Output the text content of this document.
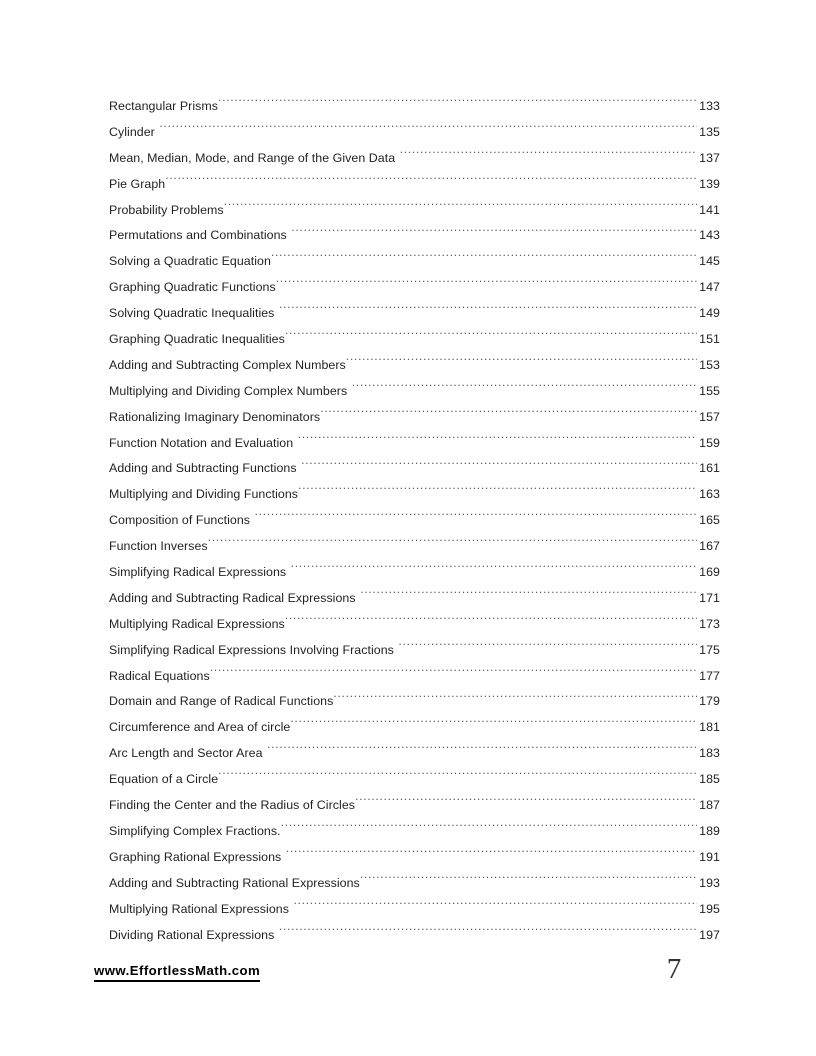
Rectangular Prisms .....	133
Cylinder .....	135
Mean, Median, Mode, and Range of the Given Data .....	137
Pie Graph .....	139
Probability Problems .....	141
Permutations and Combinations .....	143
Solving a Quadratic Equation .....	145
Graphing Quadratic Functions .....	147
Solving Quadratic Inequalities .....	149
Graphing Quadratic Inequalities .....	151
Adding and Subtracting Complex Numbers .....	153
Multiplying and Dividing Complex Numbers .....	155
Rationalizing Imaginary Denominators .....	157
Function Notation and Evaluation .....	159
Adding and Subtracting Functions .....	161
Multiplying and Dividing Functions .....	163
Composition of Functions .....	165
Function Inverses .....	167
Simplifying Radical Expressions .....	169
Adding and Subtracting Radical Expressions .....	171
Multiplying Radical Expressions .....	173
Simplifying Radical Expressions Involving Fractions .....	175
Radical Equations .....	177
Domain and Range of Radical Functions .....	179
Circumference and Area of circle .....	181
Arc Length and Sector Area .....	183
Equation of a Circle .....	185
Finding the Center and the Radius of Circles .....	187
Simplifying Complex Fractions. .....	189
Graphing Rational Expressions .....	191
Adding and Subtracting Rational Expressions .....	193
Multiplying Rational Expressions .....	195
Dividing Rational Expressions .....	197
www.EffortlessMath.com	7
